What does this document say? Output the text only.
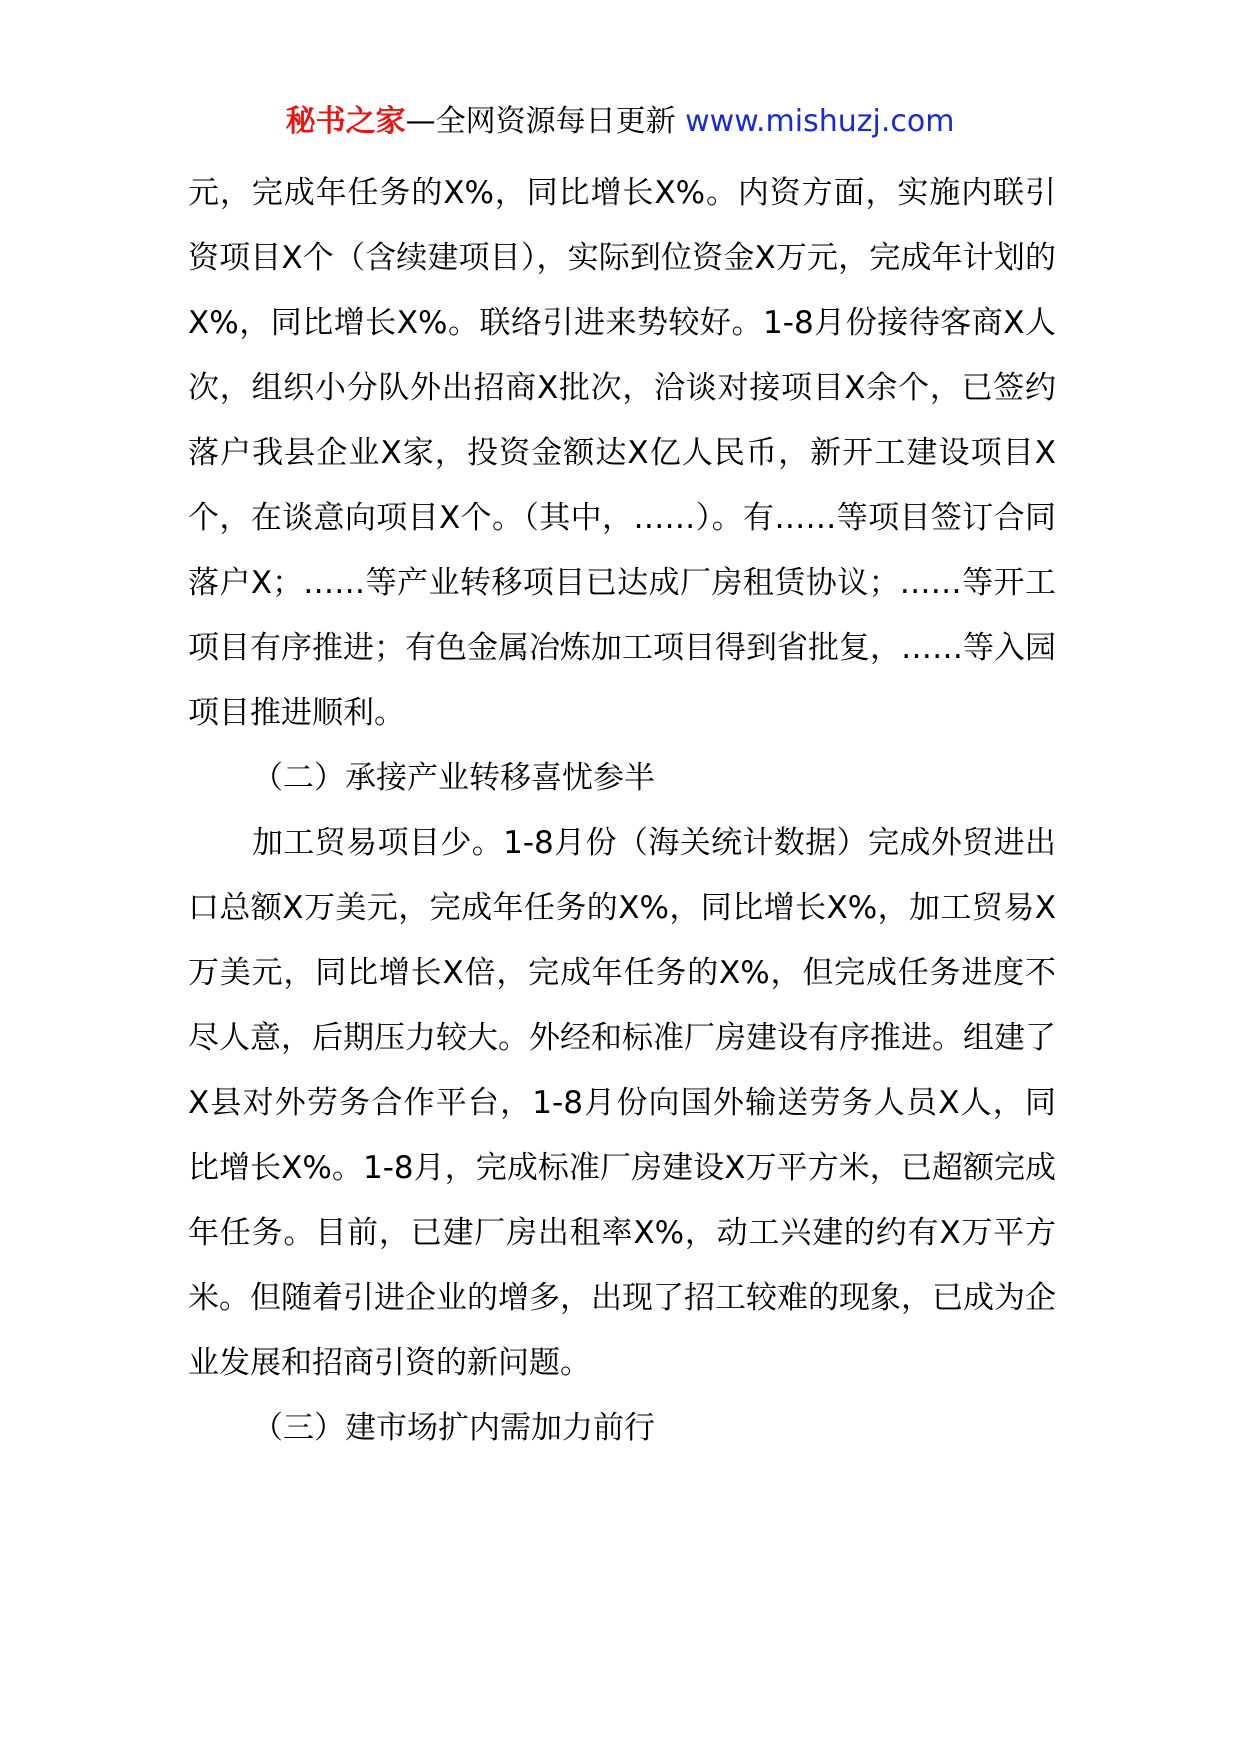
秘书之家—全网资源每日更新 www.mishuzj.com

元，完成年任务的X%，同比增长X%。内资方面，实施内联引资项目X个（含续建项目），实际到位资金X万元，完成年计划的X%，同比增长X%。联络引进来势较好。1-8月份接待客商X人次，组织小分队外出招商X批次，洽谈对接项目X余个，已签约落户我县企业X家，投资金额达X亿人民币，新开工建设项目X个，在谈意向项目X个。（其中，……）。有……等项目签订合同落户X；……等产业转移项目已达成厂房租赁协议；……等开工项目有序推进；有色金属冶炼加工项目得到省批复，……等入园项目推进顺利。

（二）承接产业转移喜忧参半

加工贸易项目少。1-8月份（海关统计数据）完成外贸进出口总额X万美元，完成年任务的X%，同比增长X%，加工贸易X万美元，同比增长X倍，完成年任务的X%，但完成任务进度不尽人意，后期压力较大。外经和标准厂房建设有序推进。组建了X县对外劳务合作平台，1-8月份向国外输送劳务人员X人，同比增长X%。1-8月，完成标准厂房建设X万平方米，已超额完成年任务。目前，已建厂房出租率X%，动工兴建的约有X万平方米。但随着引进企业的增多，出现了招工较难的现象，已成为企业发展和招商引资的新问题。

（三）建市场扩内需加力前行
